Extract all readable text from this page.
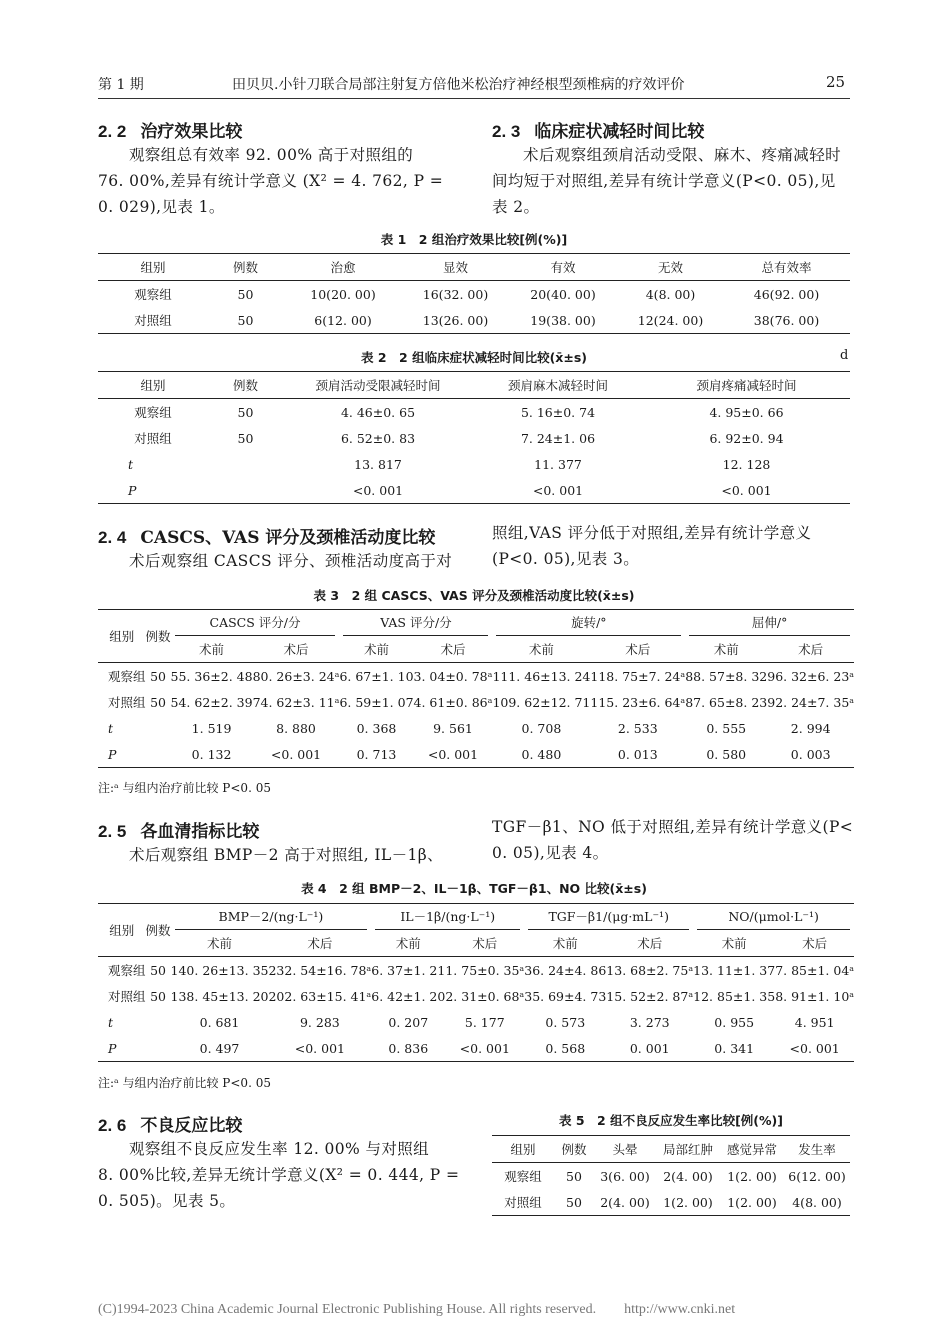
第 1 期	田贝贝.小针刀联合局部注射复方倍他米松治疗神经根型颈椎病的疗效评价	25
2. 2 治疗效果比较
观察组总有效率 92. 00% 高于对照组的
76. 00%,差异有统计学意义 (X² = 4. 762, P =
0. 029),见表 1。
2. 3 临床症状减轻时间比较
术后观察组颈肩活动受限、麻木、疼痛减轻时
间均短于对照组,差异有统计学意义(P<0. 05),见
表 2。
表 1　2 组治疗效果比较[例(%)]
组别	例数	治愈	显效	有效	无效	总有效率
观察组	50	10(20. 00)	16(32. 00)	20(40. 00)	4(8. 00)	46(92. 00)
对照组	50	6(12. 00)	13(26. 00)	19(38. 00)	12(24. 00)	38(76. 00)
表 2　2 组临床症状减轻时间比较(x̄±s)	d
组别	例数	颈肩活动受限减轻时间	颈肩麻木减轻时间	颈肩疼痛减轻时间
观察组	50	4. 46±0. 65	5. 16±0. 74	4. 95±0. 66
对照组	50	6. 52±0. 83	7. 24±1. 06	6. 92±0. 94
t		13. 817	11. 377	12. 128
P		<0. 001	<0. 001	<0. 001
2. 4 CASCS、VAS 评分及颈椎活动度比较
术后观察组 CASCS 评分、颈椎活动度高于对
照组,VAS 评分低于对照组,差异有统计学意义
(P<0. 05),见表 3。
表 3　2 组 CASCS、VAS 评分及颈椎活动度比较(x̄±s)
组别	例数	CASCS 评分/分		VAS 评分/分		旋转/°		屈伸/°	

		术前	术后	术前	术后	术前	术后	术前	术后
观察组	50	55. 36±2. 48	80. 26±3. 24ᵃ	6. 67±1. 10	3. 04±0. 78ᵃ	111. 46±13. 24	118. 75±7. 24ᵃ	88. 57±8. 32	96. 32±6. 23ᵃ
对照组	50	54. 62±2. 39	74. 62±3. 11ᵃ	6. 59±1. 07	4. 61±0. 86ᵃ	109. 62±12. 71	115. 23±6. 64ᵃ	87. 65±8. 23	92. 24±7. 35ᵃ
t		1. 519	8. 880	0. 368	9. 561	0. 708	2. 533	0. 555	2. 994
P		0. 132	<0. 001	0. 713	<0. 001	0. 480	0. 013	0. 580	0. 003
注:ᵃ 与组内治疗前比较 P<0. 05
2. 5 各血清指标比较
术后观察组 BMP－2 高于对照组, IL－1β、
TGF－β1、NO 低于对照组,差异有统计学意义(P<
0. 05),见表 4。
表 4　2 组 BMP－2、IL－1β、TGF－β1、NO 比较(x̄±s)
组别	例数	BMP－2/(ng·L⁻¹)		IL－1β/(ng·L⁻¹)		TGF－β1/(μg·mL⁻¹)		NO/(μmol·L⁻¹)	

		术前	术后	术前	术后	术前	术后	术前	术后
观察组	50	140. 26±13. 35	232. 54±16. 78ᵃ	6. 37±1. 21	1. 75±0. 35ᵃ	36. 24±4. 86	13. 68±2. 75ᵃ	13. 11±1. 37	7. 85±1. 04ᵃ
对照组	50	138. 45±13. 20	202. 63±15. 41ᵃ	6. 42±1. 20	2. 31±0. 68ᵃ	35. 69±4. 73	15. 52±2. 87ᵃ	12. 85±1. 35	8. 91±1. 10ᵃ
t		0. 681	9. 283	0. 207	5. 177	0. 573	3. 273	0. 955	4. 951
P		0. 497	<0. 001	0. 836	<0. 001	0. 568	0. 001	0. 341	<0. 001
注:ᵃ 与组内治疗前比较 P<0. 05
2. 6 不良反应比较
观察组不良反应发生率 12. 00% 与对照组
8. 00%比较,差异无统计学意义(X² = 0. 444, P =
0. 505)。见表 5。
表 5　2 组不良反应发生率比较[例(%)]
组别	例数	头晕	局部红肿	感觉异常	发生率
观察组	50	3(6. 00)	2(4. 00)	1(2. 00)	6(12. 00)
对照组	50	2(4. 00)	1(2. 00)	1(2. 00)	4(8. 00)
(C)1994-2023 China Academic Journal Electronic Publishing House. All rights reserved.　　http://www.cnki.net
